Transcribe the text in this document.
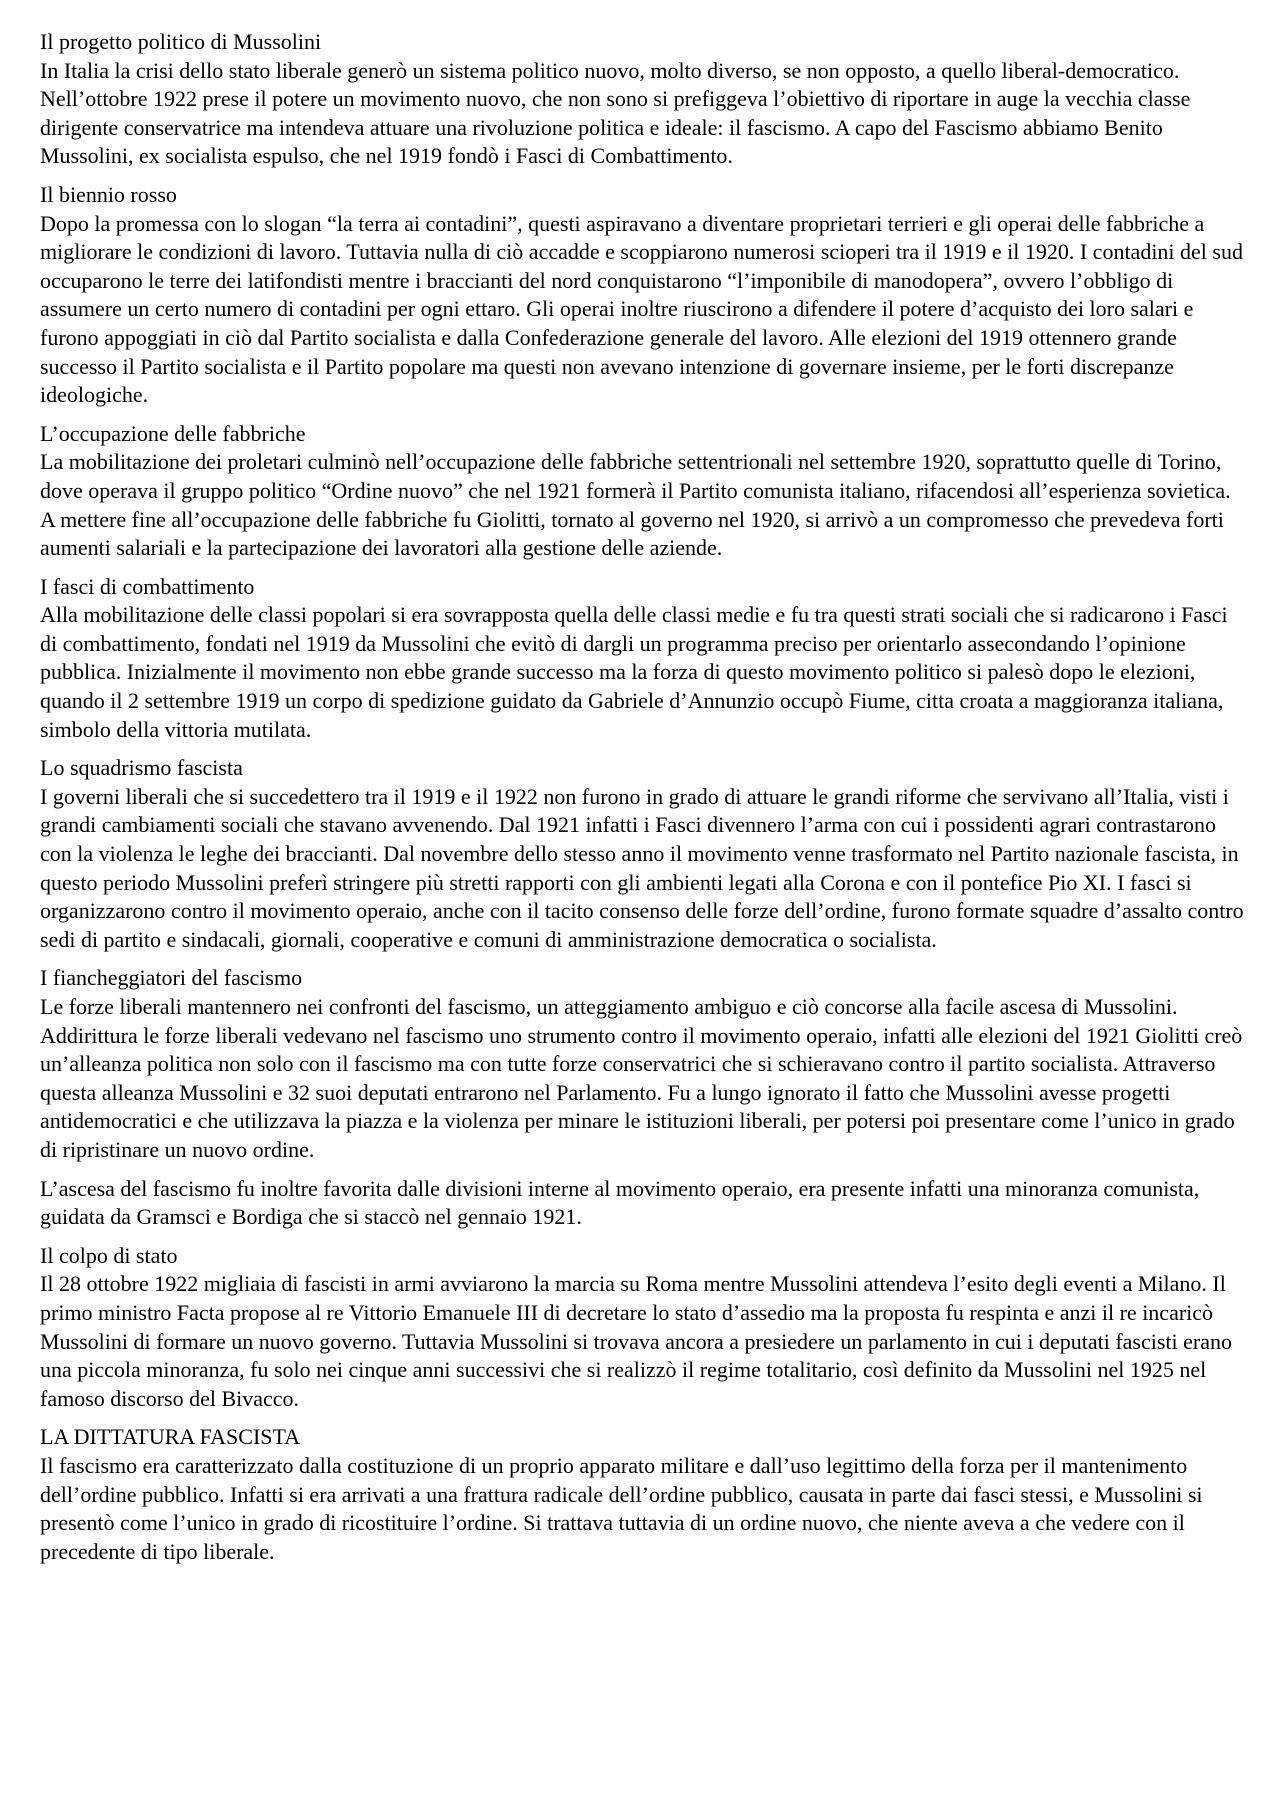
Il progetto politico di Mussolini
In Italia la crisi dello stato liberale generò un sistema politico nuovo, molto diverso, se non opposto, a quello liberal-democratico. Nell’ottobre 1922 prese il potere un movimento nuovo, che non sono si prefiggeva l’obiettivo di riportare in auge la vecchia classe dirigente conservatrice ma intendeva attuare una rivoluzione politica e ideale: il fascismo. A capo del Fascismo abbiamo Benito Mussolini, ex socialista espulso, che nel 1919 fondò i Fasci di Combattimento.
Il biennio rosso
Dopo la promessa con lo slogan “la terra ai contadini”, questi aspiravano a diventare proprietari terrieri e gli operai delle fabbriche a migliorare le condizioni di lavoro. Tuttavia nulla di ciò accadde e scoppiarono numerosi scioperi tra il 1919 e il 1920. I contadini del sud occuparono le terre dei latifondisti mentre i braccianti del nord conquistarono “l’imponibile di manodopera”, ovvero l’obbligo di assumere un certo numero di contadini per ogni ettaro. Gli operai inoltre riuscirono a difendere il potere d’acquisto dei loro salari e furono appoggiati in ciò dal Partito socialista e dalla Confederazione generale del lavoro. Alle elezioni del 1919 ottennero grande successo il Partito socialista e il Partito popolare ma questi non avevano intenzione di governare insieme, per le forti discrepanze ideologiche.
L’occupazione delle fabbriche
La mobilitazione dei proletari culminò nell’occupazione delle fabbriche settentrionali nel settembre 1920, soprattutto quelle di Torino, dove operava il gruppo politico “Ordine nuovo” che nel 1921 formerà il Partito comunista italiano, rifacendosi all’esperienza sovietica. A mettere fine all’occupazione delle fabbriche fu Giolitti, tornato al governo nel 1920, si arrivò a un compromesso che prevedeva forti aumenti salariali e la partecipazione dei lavoratori alla gestione delle aziende.
I fasci di combattimento
Alla mobilitazione delle classi popolari si era sovrapposta quella delle classi medie e fu tra questi strati sociali che si radicarono i Fasci di combattimento, fondati nel 1919 da Mussolini che evitò di dargli un programma preciso per orientarlo assecondando l’opinione pubblica. Inizialmente il movimento non ebbe grande successo ma la forza di questo movimento politico si palesò dopo le elezioni, quando il 2 settembre 1919 un corpo di spedizione guidato da Gabriele d’Annunzio occupò Fiume, citta croata a maggioranza italiana, simbolo della vittoria mutilata.
Lo squadrismo fascista
I governi liberali che si succedettero tra il 1919 e il 1922 non furono in grado di attuare le grandi riforme che servivano all’Italia, visti i grandi cambiamenti sociali che stavano avvenendo. Dal 1921 infatti i Fasci divennero l’arma con cui i possidenti agrari contrastarono con la violenza le leghe dei braccianti. Dal novembre dello stesso anno il movimento venne trasformato nel Partito nazionale fascista, in questo periodo Mussolini preferì stringere più stretti rapporti con gli ambienti legati alla Corona e con il pontefice Pio XI. I fasci si organizzarono contro il movimento operaio, anche con il tacito consenso delle forze dell’ordine, furono formate squadre d’assalto contro sedi di partito e sindacali, giornali, cooperative e comuni di amministrazione democratica o socialista.
I fiancheggiatori del fascismo
Le forze liberali mantennero nei confronti del fascismo, un atteggiamento ambiguo e ciò concorse alla facile ascesa di Mussolini. Addirittura le forze liberali vedevano nel fascismo uno strumento contro il movimento operaio, infatti alle elezioni del 1921 Giolitti creò un’alleanza politica non solo con il fascismo ma con tutte forze conservatrici che si schieravano contro il partito socialista. Attraverso questa alleanza Mussolini e 32 suoi deputati entrarono nel Parlamento. Fu a lungo ignorato il fatto che Mussolini avesse progetti antidemocratici e che utilizzava la piazza e la violenza per minare le istituzioni liberali, per potersi poi presentare come l’unico in grado di ripristinare un nuovo ordine.

L’ascesa del fascismo fu inoltre favorita dalle divisioni interne al movimento operaio, era presente infatti una minoranza comunista, guidata da Gramsci e Bordiga che si staccò nel gennaio 1921.

Il colpo di stato
Il 28 ottobre 1922 migliaia di fascisti in armi avviarono la marcia su Roma mentre Mussolini attendeva l’esito degli eventi a Milano. Il primo ministro Facta propose al re Vittorio Emanuele III di decretare lo stato d’assedio ma la proposta fu respinta e anzi il re incaricò Mussolini di formare un nuovo governo. Tuttavia Mussolini si trovava ancora a presiedere un parlamento in cui i deputati fascisti erano una piccola minoranza, fu solo nei cinque anni successivi che si realizzò il regime totalitario, così definito da Mussolini nel 1925 nel famoso discorso del Bivacco.
LA DITTATURA FASCISTA
Il fascismo era caratterizzato dalla costituzione di un proprio apparato militare e dall’uso legittimo della forza per il mantenimento dell’ordine pubblico. Infatti si era arrivati a una frattura radicale dell’ordine pubblico, causata in parte dai fasci stessi, e Mussolini si presentò come l’unico in grado di ricostituire l’ordine. Si trattava tuttavia di un ordine nuovo, che niente aveva a che vedere con il precedente di tipo liberale.
